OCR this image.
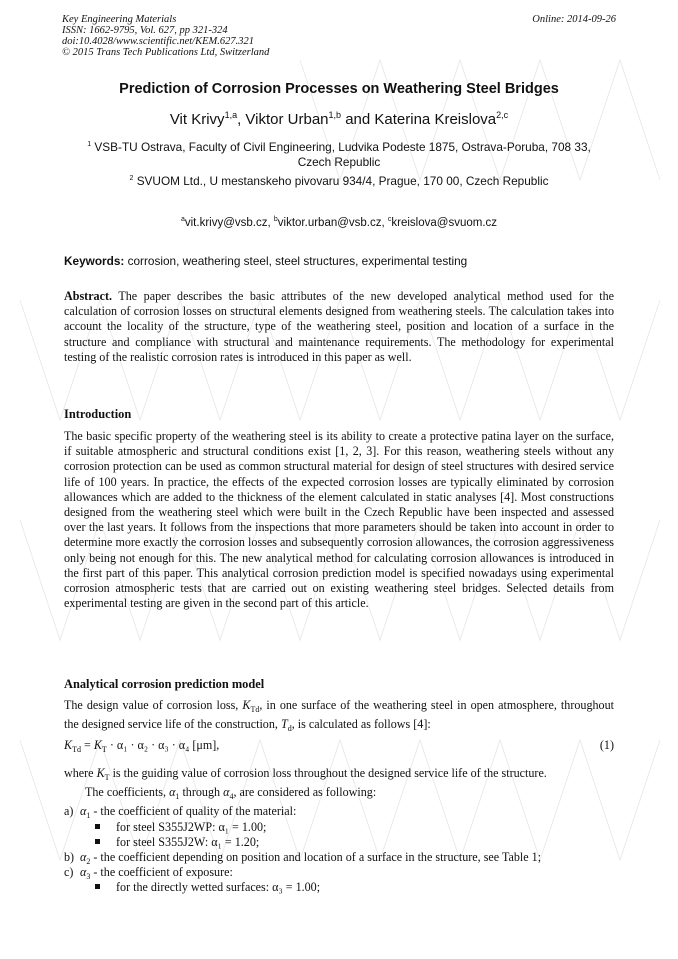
Key Engineering Materials
ISSN: 1662-9795, Vol. 627, pp 321-324
doi:10.4028/www.scientific.net/KEM.627.321
© 2015 Trans Tech Publications Ltd, Switzerland
Online: 2014-09-26
Prediction of Corrosion Processes on Weathering Steel Bridges
Vit Krivy$^{1,a}$, Viktor Urban$^{1,b}$ and Katerina Kreislova$^{2,c}$
$^1$ VSB-TU Ostrava, Faculty of Civil Engineering, Ludvika Podeste 1875, Ostrava-Poruba, 708 33,
Czech Republic
$^2$ SVUOM Ltd., U mestanskeho pivovaru 934/4, Prague, 170 00, Czech Republic
$^a$vit.krivy@vsb.cz, $^b$viktor.urban@vsb.cz, $^c$kreislova@svuom.cz
Keywords: corrosion, weathering steel, steel structures, experimental testing
Abstract. The paper describes the basic attributes of the new developed analytical method used for the calculation of corrosion losses on structural elements designed from weathering steels. The calculation takes into account the locality of the structure, type of the weathering steel, position and location of a surface in the structure and compliance with structural and maintenance requirements. The methodology for experimental testing of the realistic corrosion rates is introduced in this paper as well.
Introduction
The basic specific property of the weathering steel is its ability to create a protective patina layer on the surface, if suitable atmospheric and structural conditions exist [1, 2, 3]. For this reason, weathering steels without any corrosion protection can be used as common structural material for design of steel structures with desired service life of 100 years. In practice, the effects of the expected corrosion losses are typically eliminated by corrosion allowances which are added to the thickness of the element calculated in static analyses [4]. Most constructions designed from the weathering steel which were built in the Czech Republic have been inspected and assessed over the last years. It follows from the inspections that more parameters should be taken into account in order to determine more exactly the corrosion losses and subsequently corrosion allowances, the corrosion aggressiveness only being not enough for this. The new analytical method for calculating corrosion allowances is introduced in the first part of this paper. This analytical corrosion prediction model is specified nowadays using experimental corrosion atmospheric tests that are carried out on existing weathering steel bridges. Selected details from experimental testing are given in the second part of this article.
Analytical corrosion prediction model
The design value of corrosion loss, $K_{Td}$, in one surface of the weathering steel in open atmosphere, throughout the designed service life of the construction, $T_d$, is calculated as follows [4]:
$K_{Td} = K_T \cdot \alpha_1 \cdot \alpha_2 \cdot \alpha_3 \cdot \alpha_4$ [μm],	(1)
where $K_T$ is the guiding value of corrosion loss throughout the designed service life of the structure.
The coefficients, $\alpha_1$ through $\alpha_4$, are considered as following:
a) $\alpha_1$ - the coefficient of quality of the material:
for steel S355J2WP: α₁ = 1.00;
for steel S355J2W: α₁ = 1.20;
b) $\alpha_2$ - the coefficient depending on position and location of a surface in the structure, see Table 1;
c) $\alpha_3$ - the coefficient of exposure:
for the directly wetted surfaces: α₃ = 1.00;
